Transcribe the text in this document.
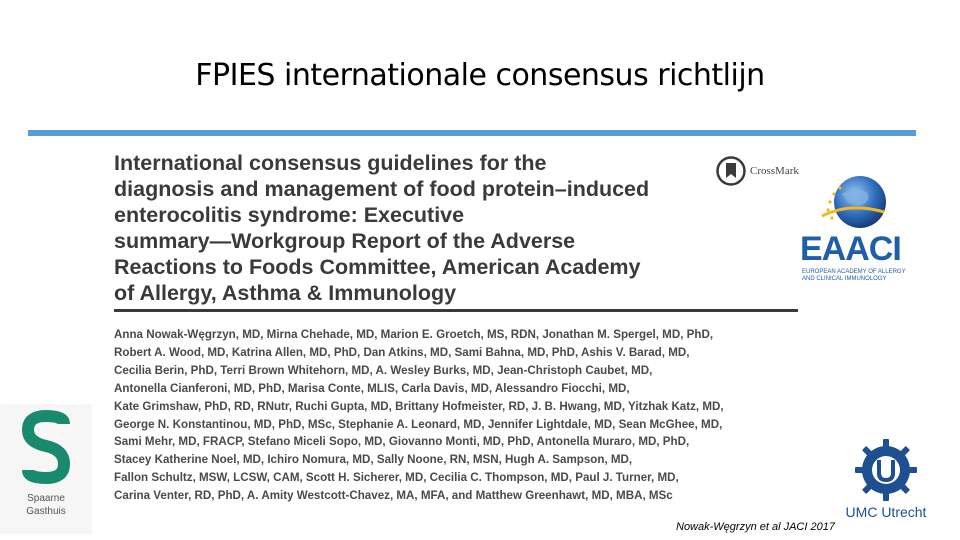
FPIES internationale consensus richtlijn
International consensus guidelines for the
diagnosis and management of food protein–induced
enterocolitis syndrome: Executive
summary—Workgroup Report of the Adverse
Reactions to Foods Committee, American Academy
of Allergy, Asthma & Immunology
CrossMark
Anna Nowak-Węgrzyn, MD, Mirna Chehade, MD, Marion E. Groetch, MS, RDN, Jonathan M. Spergel, MD, PhD,
Robert A. Wood, MD, Katrina Allen, MD, PhD, Dan Atkins, MD, Sami Bahna, MD, PhD, Ashis V. Barad, MD,
Cecilia Berin, PhD, Terri Brown Whitehorn, MD, A. Wesley Burks, MD, Jean-Christoph Caubet, MD,
Antonella Cianferoni, MD, PhD, Marisa Conte, MLIS, Carla Davis, MD, Alessandro Fiocchi, MD,
Kate Grimshaw, PhD, RD, RNutr, Ruchi Gupta, MD, Brittany Hofmeister, RD, J. B. Hwang, MD, Yitzhak Katz, MD,
George N. Konstantinou, MD, PhD, MSc, Stephanie A. Leonard, MD, Jennifer Lightdale, MD, Sean McGhee, MD,
Sami Mehr, MD, FRACP, Stefano Miceli Sopo, MD, Giovanno Monti, MD, PhD, Antonella Muraro, MD, PhD,
Stacey Katherine Noel, MD, Ichiro Nomura, MD, Sally Noone, RN, MSN, Hugh A. Sampson, MD,
Fallon Schultz, MSW, LCSW, CAM, Scott H. Sicherer, MD, Cecilia C. Thompson, MD, Paul J. Turner, MD,
Carina Venter, RD, PhD, A. Amity Westcott-Chavez, MA, MFA, and Matthew Greenhawt, MD, MBA, MSc
EAACI
EUROPEAN ACADEMY OF ALLERGY
AND CLINICAL IMMUNOLOGY
Spaarne
Gasthuis	UMC Utrecht
Nowak-Węgrzyn et al JACI 2017
